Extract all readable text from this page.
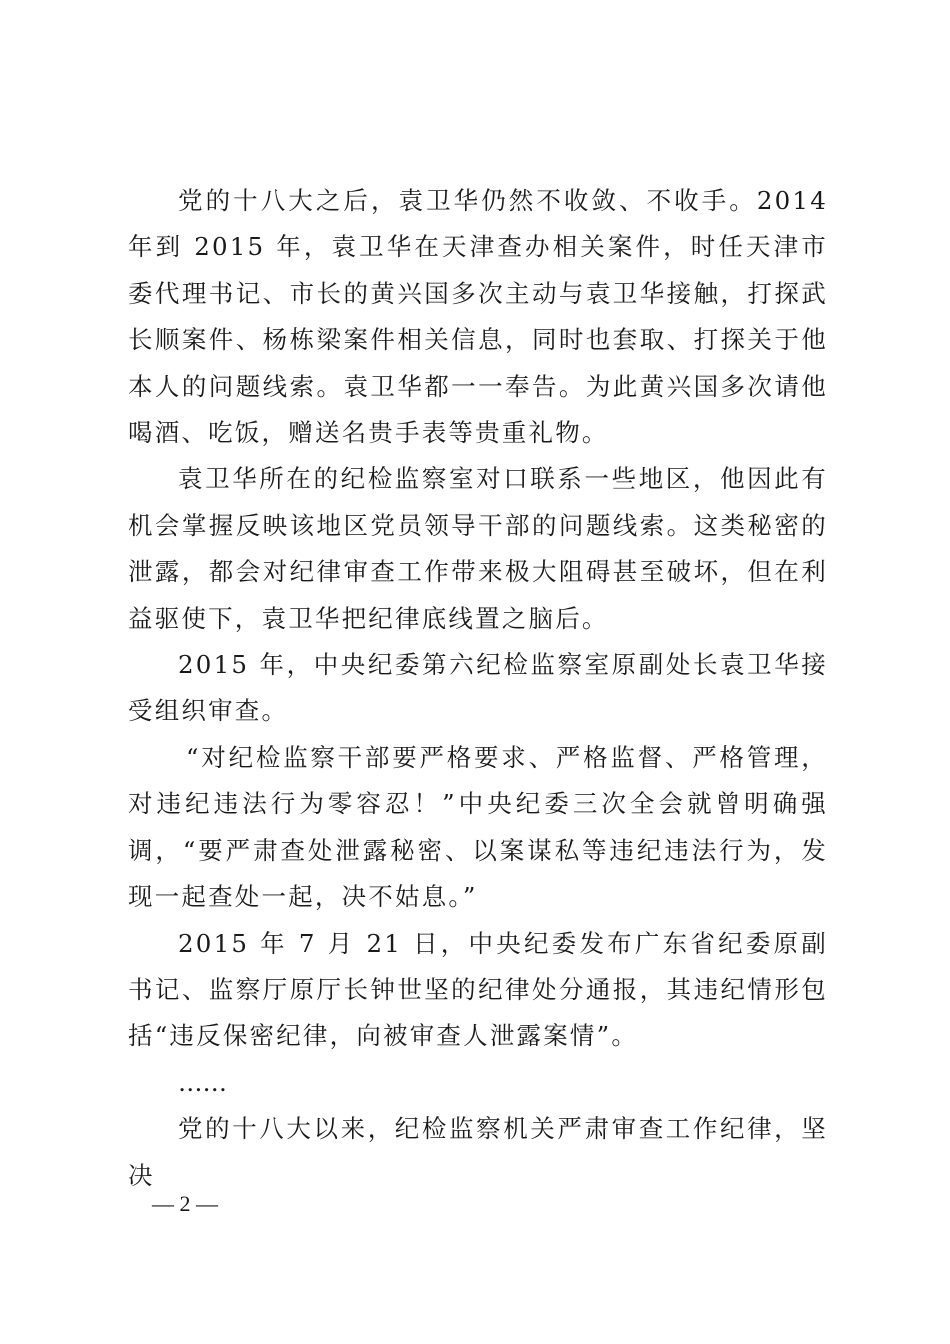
党的十八大之后，袁卫华仍然不收敛、不收手。2014 年到 2015 年，袁卫华在天津查办相关案件，时任天津市委代理书记、市长的黄兴国多次主动与袁卫华接触，打探武长顺案件、杨栋梁案件相关信息，同时也套取、打探关于他本人的问题线索。袁卫华都一一奉告。为此黄兴国多次请他喝酒、吃饭，赠送名贵手表等贵重礼物。

袁卫华所在的纪检监察室对口联系一些地区，他因此有机会掌握反映该地区党员领导干部的问题线索。这类秘密的泄露，都会对纪律审查工作带来极大阻碍甚至破坏，但在利益驱使下，袁卫华把纪律底线置之脑后。

2015 年，中央纪委第六纪检监察室原副处长袁卫华接受组织审查。

“对纪检监察干部要严格要求、严格监督、严格管理，对违纪违法行为零容忍！”中央纪委三次全会就曾明确强调，“要严肃查处泄露秘密、以案谋私等违纪违法行为，发现一起查处一起，决不姑息。”

2015 年 7 月 21 日，中央纪委发布广东省纪委原副书记、监察厅原厅长钟世坚的纪律处分通报，其违纪情形包括“违反保密纪律，向被审查人泄露案情”。

……

党的十八大以来，纪检监察机关严肃审查工作纪律，坚决

— 2 —
